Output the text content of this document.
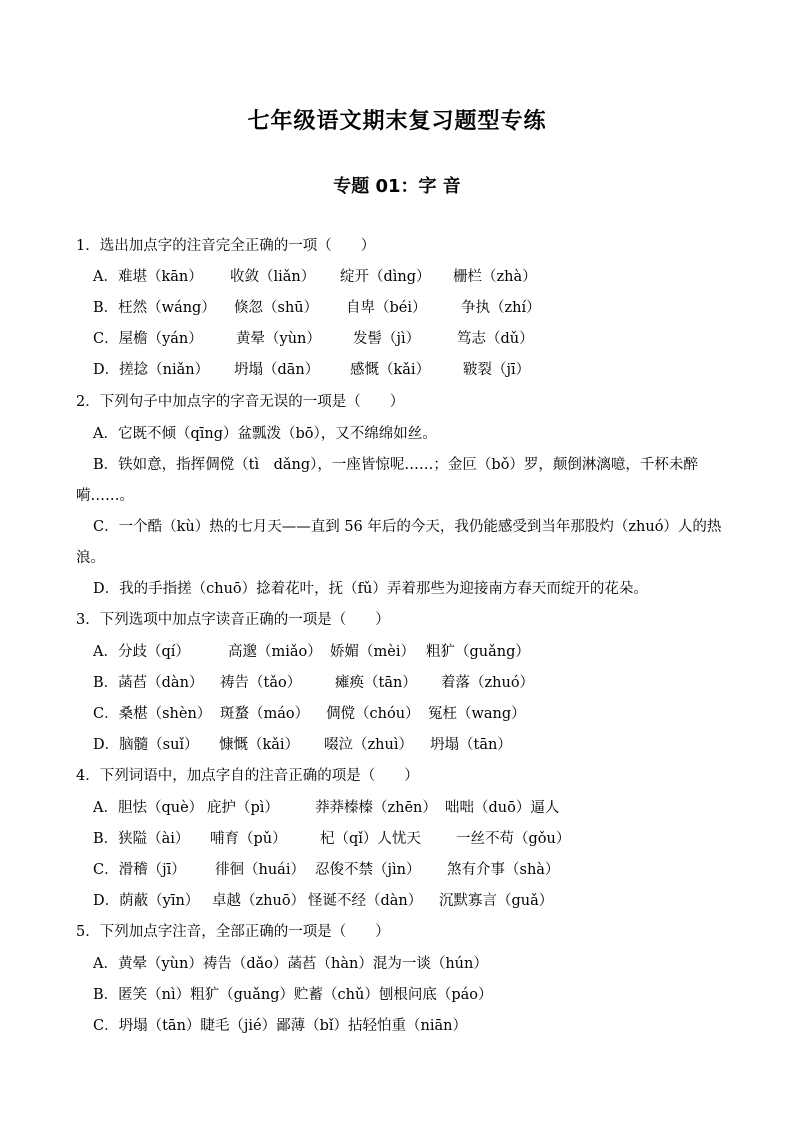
七年级语文期末复习题型专练
专题 01：字 音
1．选出加点字的注音完全正确的一项（　　）
A．难堪（kān） 收敛（liǎn） 绽开（dìng） 栅栏（zhà）
B．枉然（wáng） 倏忽（shū） 自卑（béi） 争执（zhí）
C．屋檐（yán） 黄晕（yùn） 发髻（jì）	笃志（dǔ）
D．搓捻（niǎn） 坍塌（dān） 感慨（kǎi） 皲裂（jī）
2．下列句子中加点字的字音无误的一项是（　　）
A．它既不倾（qīng）盆瓢泼（bō），又不绵绵如丝。
B．铁如意，指挥倜傥（tì　dǎng），一座皆惊呢……；金叵（bǒ）罗，颠倒淋漓噫，千杯未醉
嗬……。
C．一个酷（kù）热的七月天——直到 56 年后的今天，我仍能感受到当年那股灼（zhuó）人的热
浪。
D．我的手指搓（chuō）捻着花叶，抚（fǔ）弄着那些为迎接南方春天而绽开的花朵。
3．下列选项中加点字读音正确的一项是（　　）
A．分歧（qí）	高邈（miǎo） 娇媚（mèi） 粗犷（guǎng）
B．菡萏（dàn） 祷告（tǎo） 瘫痪（tān） 着落（zhuó）
C．桑椹（shèn） 斑蝥（máo） 倜傥（chóu） 冤枉（wang）
D．脑髓（suǐ） 慷慨（kǎi） 啜泣（zhuì） 坍塌（tān）
4．下列词语中，加点字自的注音正确的项是（　　）
A．胆怯（què） 庇护（pì） 莽莽榛榛（zhēn） 咄咄（duō）逼人
B．狭隘（ài） 哺育（pǔ） 杞（qǐ）人忧天 一丝不苟（gǒu）
C．滑稽（jī） 徘徊（huái） 忍俊不禁（jìn） 煞有介事（shà）
D．荫蔽（yīn） 卓越（zhuō） 怪诞不经（dàn） 沉默寡言（guǎ）
5．下列加点字注音，全部正确的一项是（　　）
A．黄晕（yùn）祷告（dǎo）菡萏（hàn）混为一谈（hún）
B．匿笑（nì）粗犷（guǎng）贮蓄（chǔ）刨根问底（páo）
C．坍塌（tān）睫毛（jié）鄙薄（bǐ）拈轻怕重（niān）
